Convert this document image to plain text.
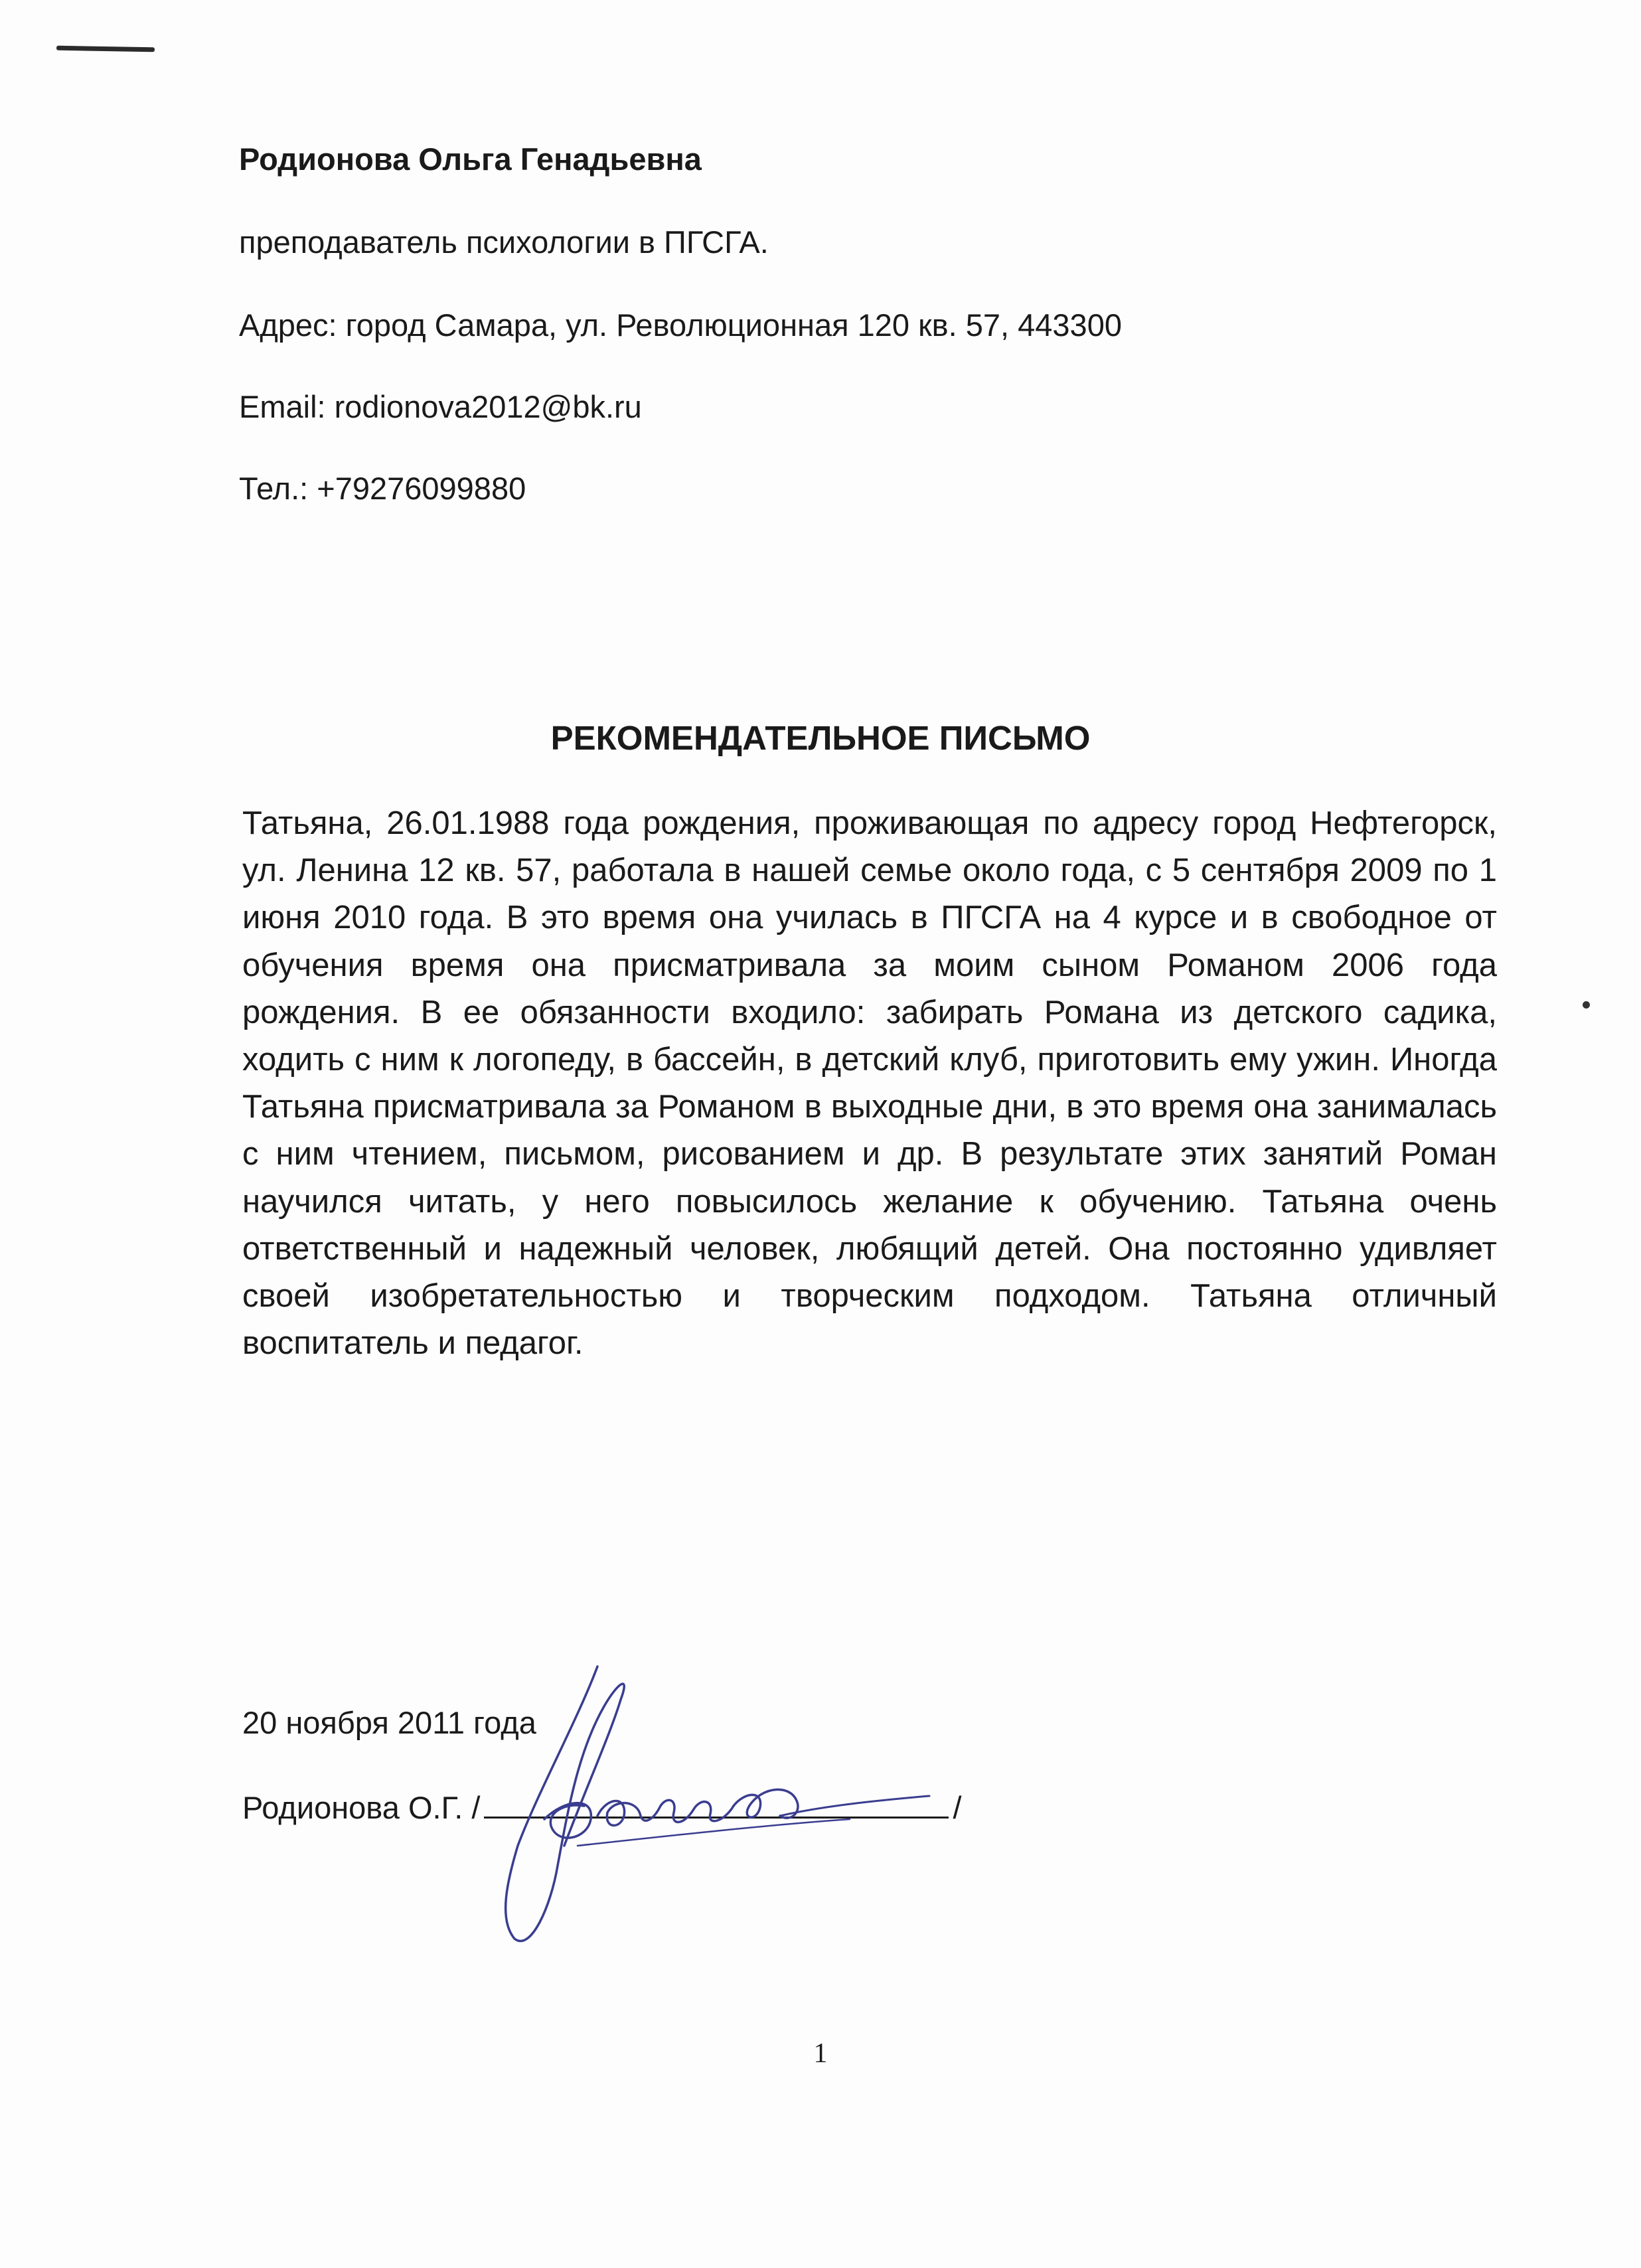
Родионова Ольга Генадьевна

преподаватель психологии в ПГСГА.

Адрес: город Самара, ул. Революционная 120 кв. 57, 443300

Email: rodionova2012@bk.ru

Тел.: +79276099880

РЕКОМЕНДАТЕЛЬНОЕ ПИСЬМО

Татьяна, 26.01.1988 года рождения, проживающая по адресу город Нефтегорск, ул. Ленина 12 кв. 57, работала в нашей семье около года, с 5 сентября 2009 по 1 июня 2010 года. В это время она училась в ПГСГА на 4 курсе и в свободное от обучения время она присматривала за моим сыном Романом 2006 года рождения. В ее обязанности входило: забирать Романа из детского садика, ходить с ним к логопеду, в бассейн, в детский клуб, приготовить ему ужин. Иногда Татьяна присматривала за Романом в выходные дни, в это время она занималась с ним чтением, письмом, рисованием и др. В результате этих занятий Роман научился читать, у него повысилось желание к обучению. Татьяна очень ответственный и надежный человек, любящий детей. Она постоянно удивляет своей изобретательностью и творческим подходом. Татьяна отличный воспитатель и педагог.

20 ноября 2011 года

Родионова О.Г. /	/

1
